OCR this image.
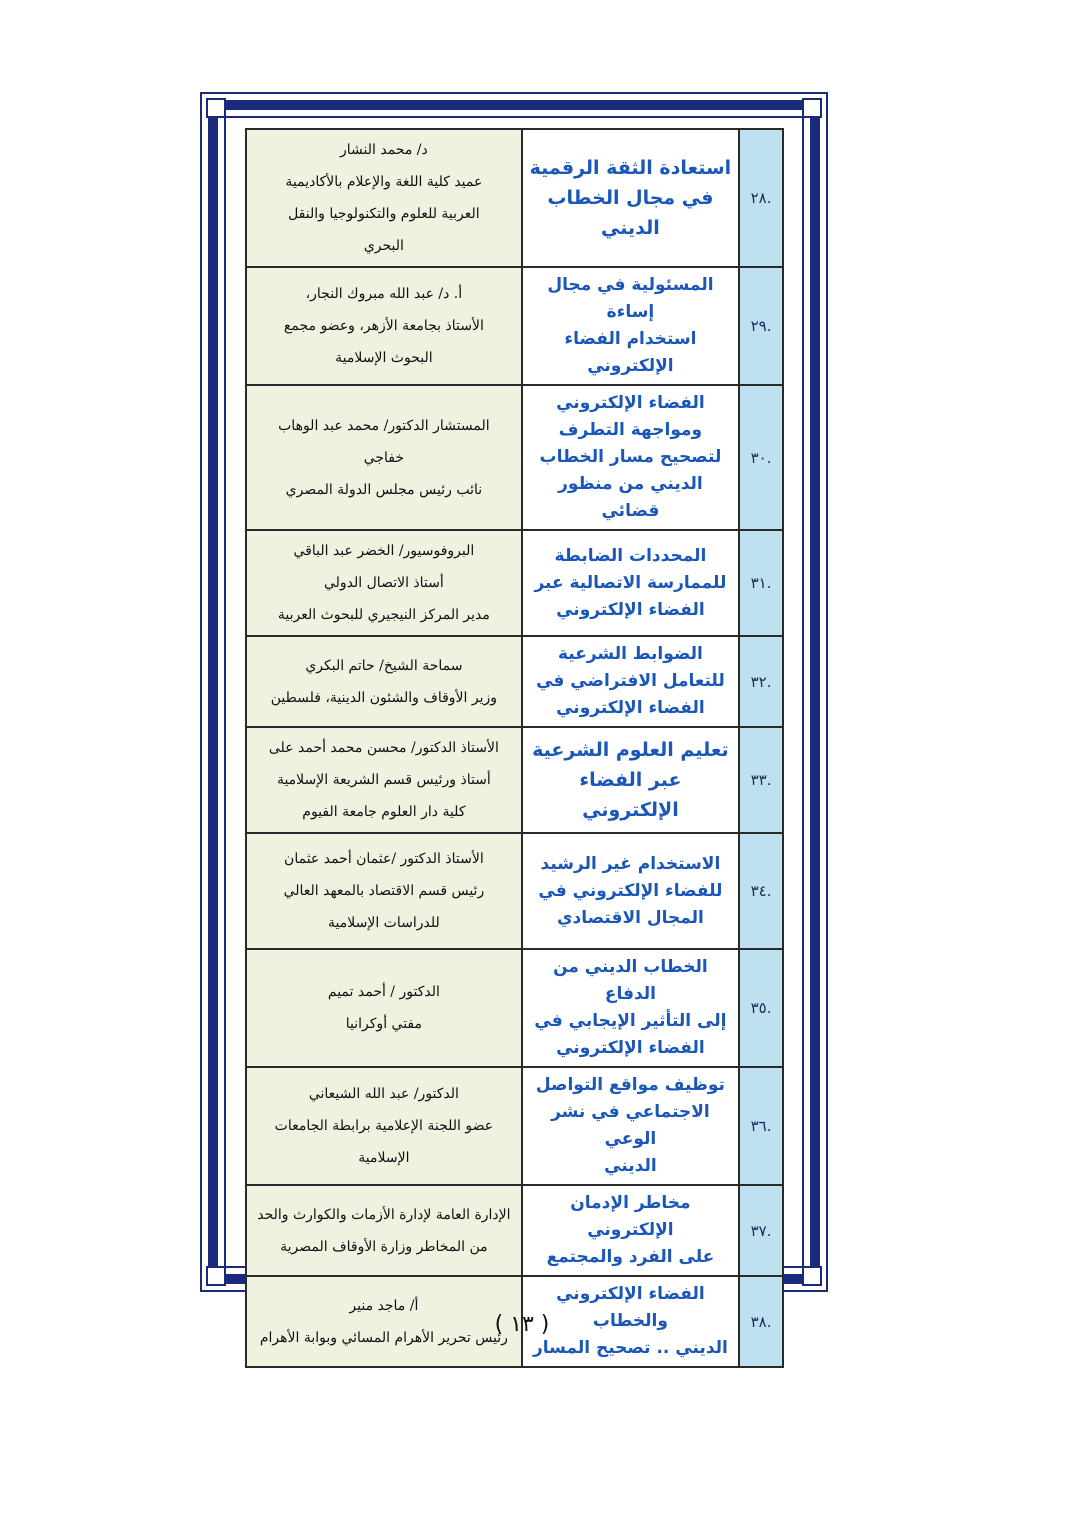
.٢٨	استعادة الثقة الرقمية
في مجال الخطاب الديني	د/ محمد النشار
عميد كلية اللغة والإعلام بالأكاديمية
العربية للعلوم والتكنولوجيا والنقل
البحري

.٢٩	المسئولية في مجال إساءة
استخدام الفضاء
الإلكتروني	أ. د/ عبد الله مبروك النجار،
الأستاذ بجامعة الأزهر، وعضو مجمع
البحوث الإسلامية

.٣٠	الفضاء الإلكتروني
ومواجهة التطرف
لتصحيح مسار الخطاب
الديني من منظور قضائي	المستشار الدكتور/ محمد عبد الوهاب
خفاجي
نائب رئيس مجلس الدولة المصري

.٣١	المحددات الضابطة
للممارسة الاتصالية عبر
الفضاء الإلكتروني	البروفوسيور/ الخضر عبد الباقي
أستاذ الاتصال الدولي
مدير المركز النيجيري للبحوث العربية

.٣٢	الضوابط الشرعية
للتعامل الافتراضي في
الفضاء الإلكتروني	سماحة الشيخ/ حاتم البكري
وزير الأوقاف والشئون الدينية، فلسطين

.٣٣	تعليم العلوم الشرعية
عبر الفضاء الإلكتروني	الأستاذ الدكتور/ محسن محمد أحمد على
أستاذ ورئيس قسم الشريعة الإسلامية
كلية دار العلوم جامعة الفيوم

.٣٤	الاستخدام غير الرشيد
للفضاء الإلكتروني في
المجال الاقتصادي	الأستاذ الدكتور /عثمان أحمد عثمان
رئيس قسم الاقتصاد بالمعهد العالي
للدراسات الإسلامية

.٣٥	الخطاب الديني من الدفاع
إلى التأثير الإيجابي في
الفضاء الإلكتروني	الدكتور / أحمد تميم
مفتي أوكرانيا

.٣٦	توظيف مواقع التواصل
الاجتماعي في نشر الوعي
الديني	الدكتور/ عبد الله الشيعاني
عضو اللجنة الإعلامية برابطة الجامعات
الإسلامية

.٣٧	مخاطر الإدمان الإلكتروني
على الفرد والمجتمع	الإدارة العامة لإدارة الأزمات والكوارث والحد
من المخاطر وزارة الأوقاف المصرية

.٣٨	الفضاء الإلكتروني والخطاب
الديني .. تصحيح المسار	أ/ ماجد منير
رئيس تحرير الأهرام المسائي وبوابة الأهرام
( ١٣ )
